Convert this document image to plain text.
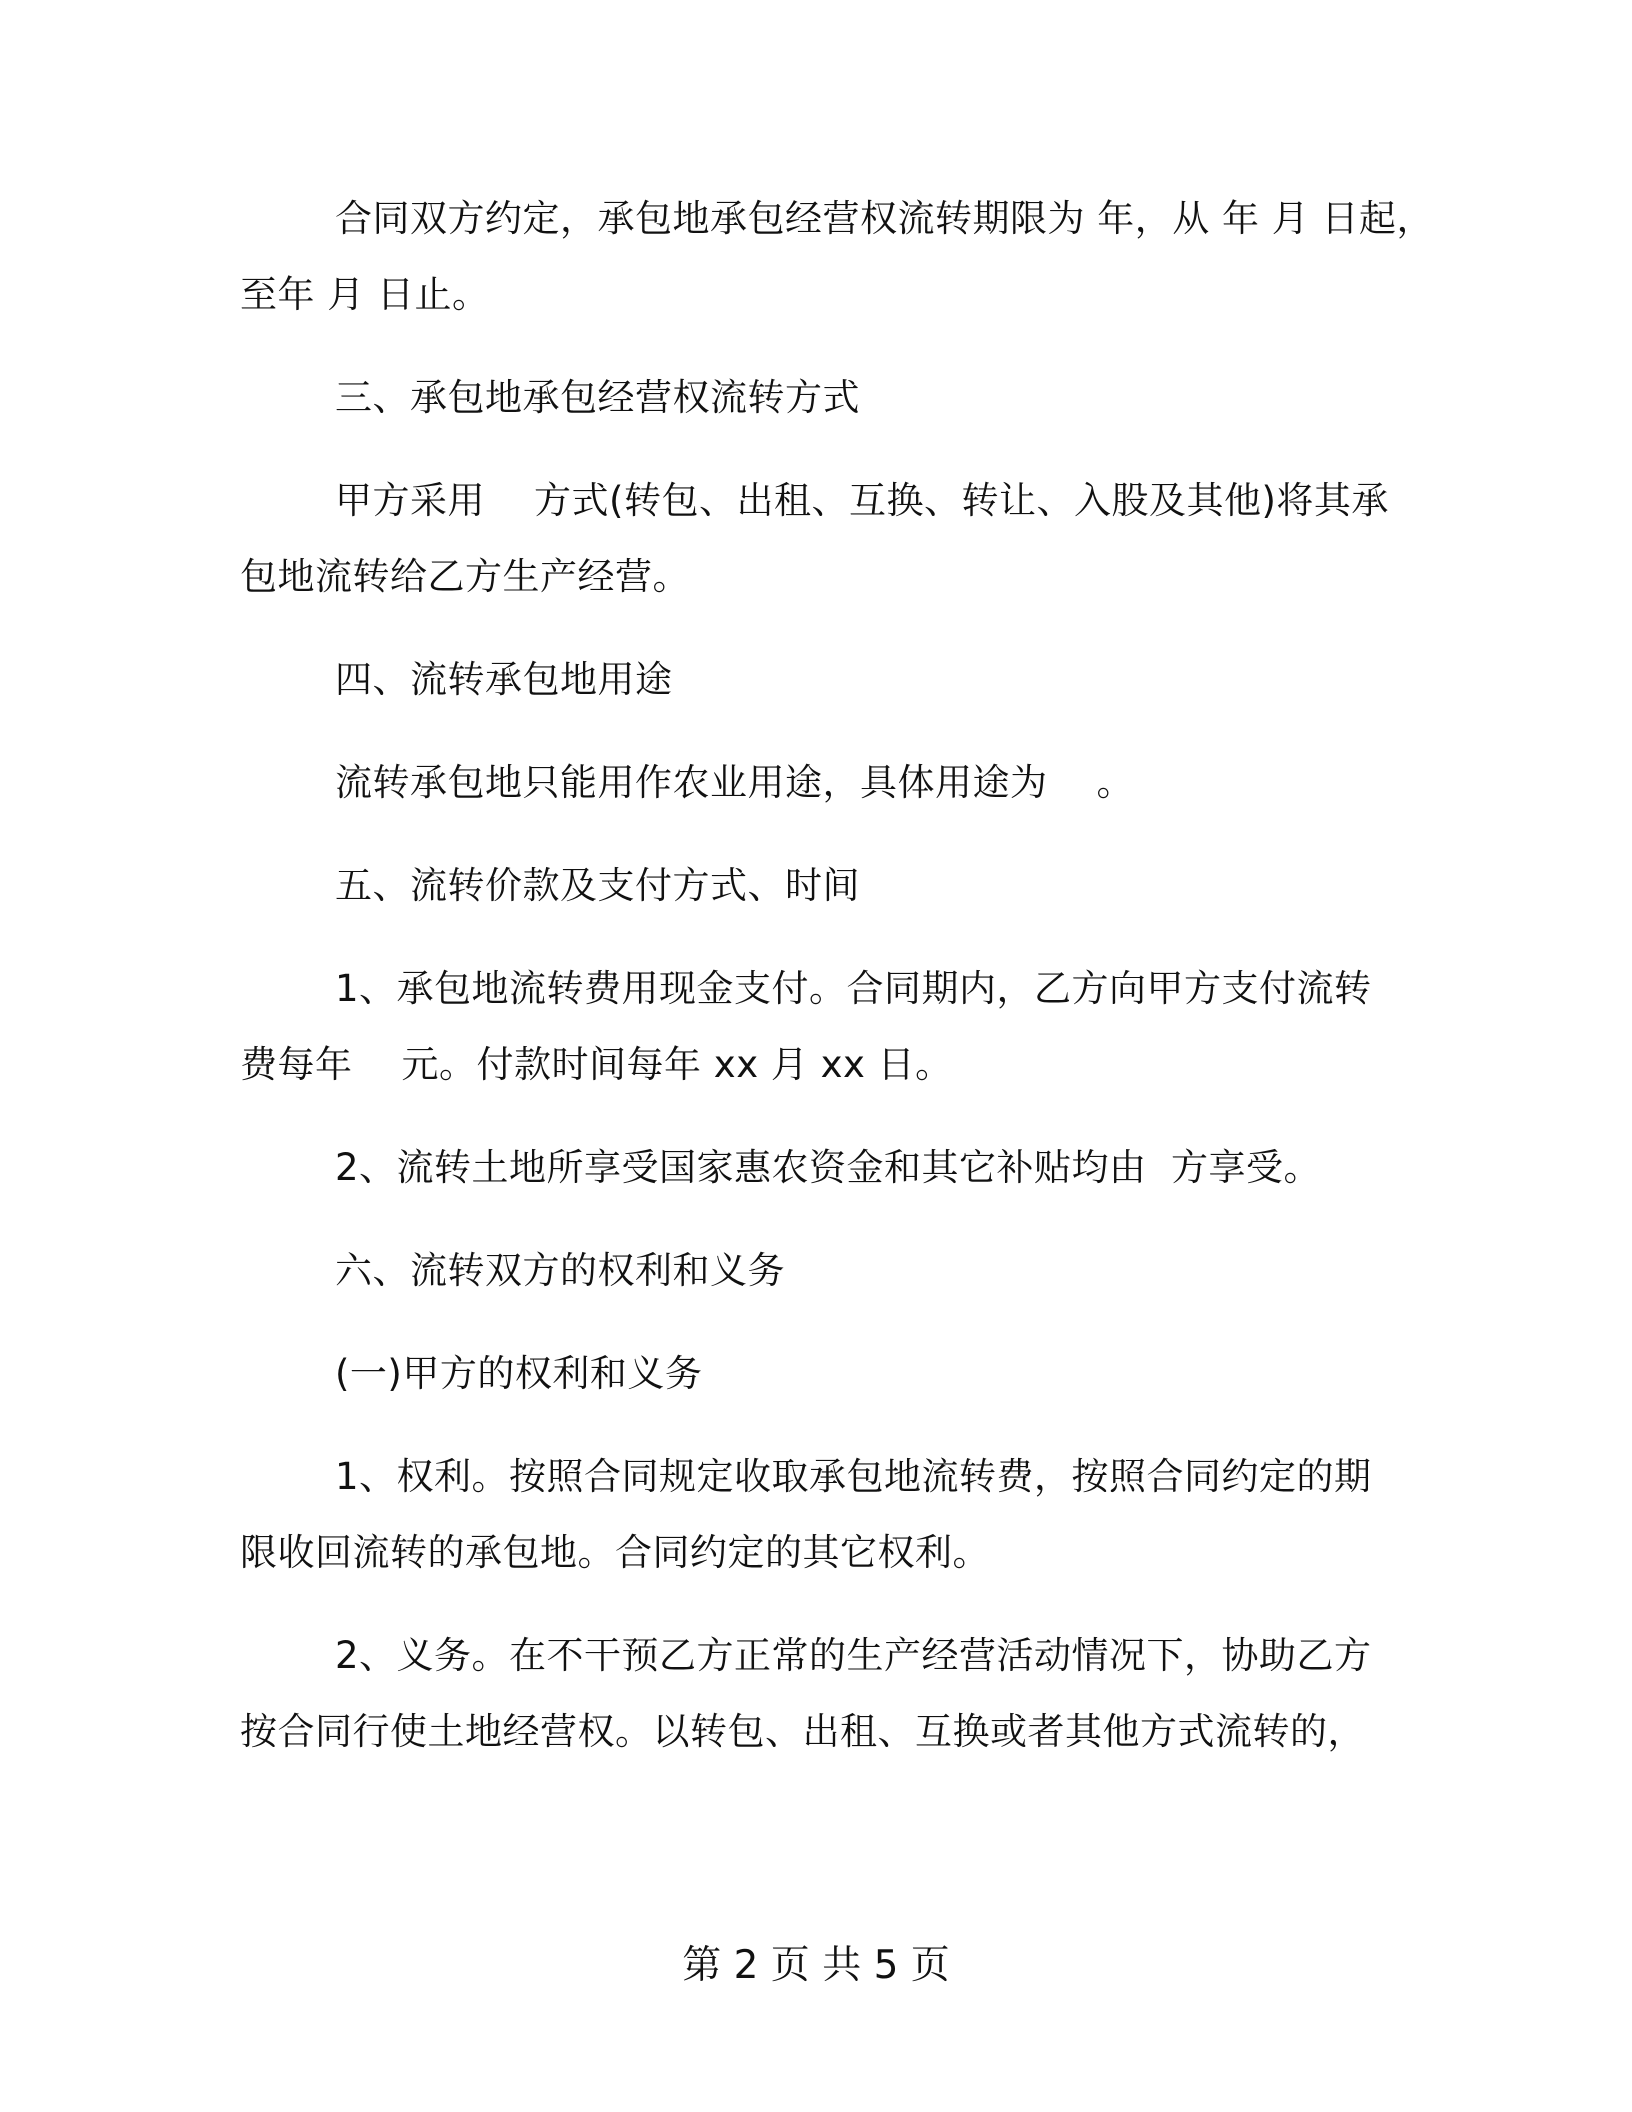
合同双方约定，承包地承包经营权流转期限为 年，从 年 月 日起，
至年 月 日止。
三、承包地承包经营权流转方式
甲方采用    方式(转包、出租、互换、转让、入股及其他)将其承
包地流转给乙方生产经营。
四、流转承包地用途
流转承包地只能用作农业用途，具体用途为    。
五、流转价款及支付方式、时间
1、承包地流转费用现金支付。合同期内，乙方向甲方支付流转
费每年    元。付款时间每年 xx 月 xx 日。
2、流转土地所享受国家惠农资金和其它补贴均由  方享受。
六、流转双方的权利和义务
(一)甲方的权利和义务
1、权利。按照合同规定收取承包地流转费，按照合同约定的期
限收回流转的承包地。合同约定的其它权利。
2、义务。在不干预乙方正常的生产经营活动情况下，协助乙方
按合同行使土地经营权。以转包、出租、互换或者其他方式流转的，
第 2 页 共 5 页
